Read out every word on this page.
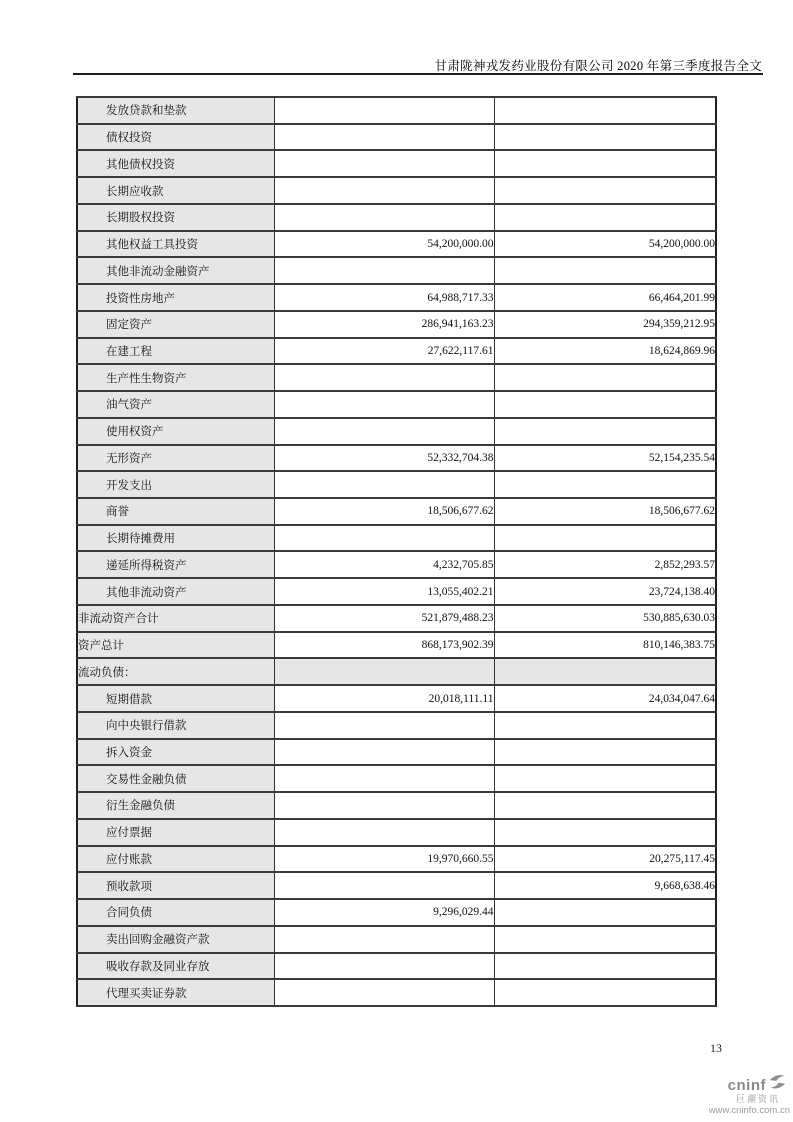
甘肃陇神戎发药业股份有限公司 2020 年第三季度报告全文
发放贷款和垫款		
债权投资		
其他债权投资		
长期应收款		
长期股权投资		
其他权益工具投资	54,200,000.00	54,200,000.00
其他非流动金融资产		
投资性房地产	64,988,717.33	66,464,201.99
固定资产	286,941,163.23	294,359,212.95
在建工程	27,622,117.61	18,624,869.96
生产性生物资产		
油气资产		
使用权资产		
无形资产	52,332,704.38	52,154,235.54
开发支出		
商誉	18,506,677.62	18,506,677.62
长期待摊费用		
递延所得税资产	4,232,705.85	2,852,293.57
其他非流动资产	13,055,402.21	23,724,138.40
非流动资产合计	521,879,488.23	530,885,630.03
资产总计	868,173,902.39	810,146,383.75
流动负债：		
短期借款	20,018,111.11	24,034,047.64
向中央银行借款		
拆入资金		
交易性金融负债		
衍生金融负债		
应付票据		
应付账款	19,970,660.55	20,275,117.45
预收款项		9,668,638.46
合同负债	9,296,029.44	
卖出回购金融资产款		
吸收存款及同业存放		
代理买卖证券款		
13
cninf
巨潮资讯
www.cninfo.com.cn
